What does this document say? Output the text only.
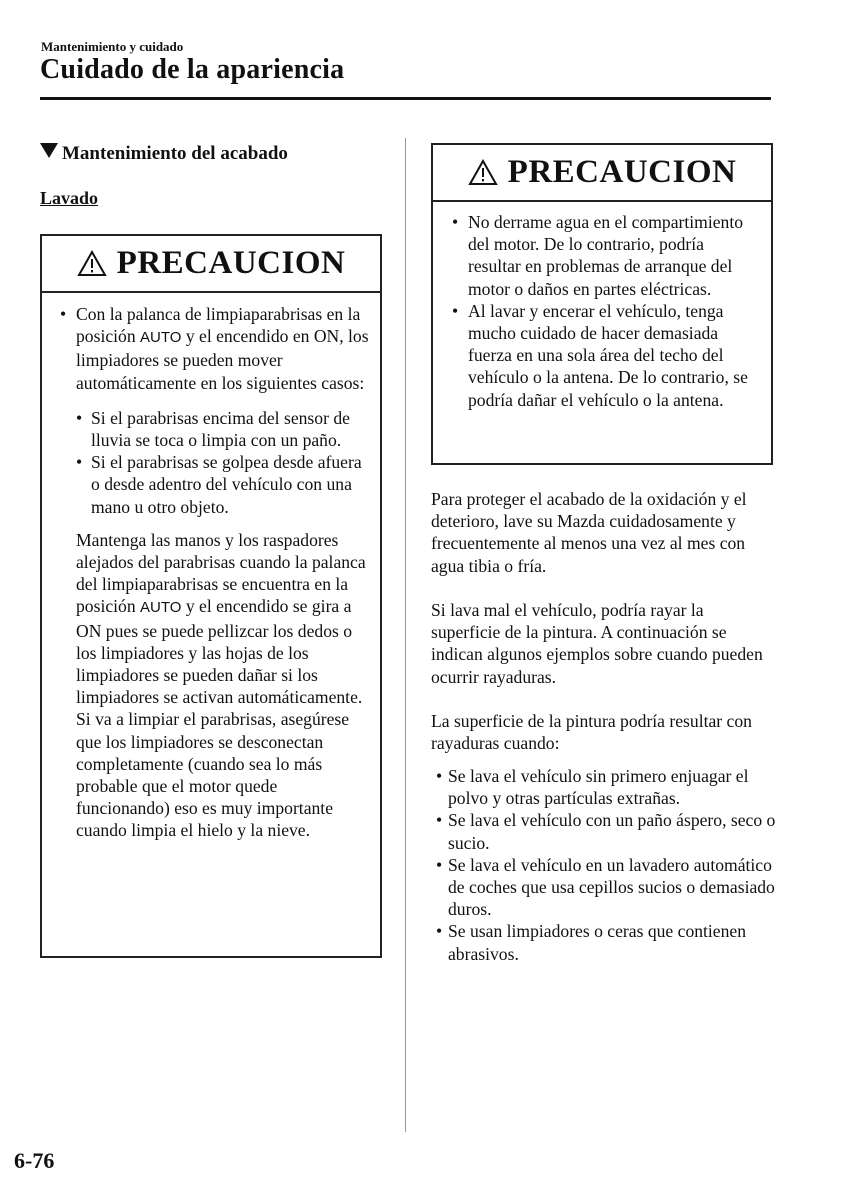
Mantenimiento y cuidado
Cuidado de la apariencia
Mantenimiento del acabado
Lavado
PRECAUCION
• Con la palanca de limpiaparabrisas en la posición AUTO y el encendido en ON, los limpiadores se pueden mover automáticamente en los siguientes casos:
• Si el parabrisas encima del sensor de lluvia se toca o limpia con un paño.
• Si el parabrisas se golpea desde afuera o desde adentro del vehículo con una mano u otro objeto.
Mantenga las manos y los raspadores alejados del parabrisas cuando la palanca del limpiaparabrisas se encuentra en la posición AUTO y el encendido se gira a ON pues se puede pellizcar los dedos o los limpiadores y las hojas de los limpiadores se pueden dañar si los limpiadores se activan automáticamente.
Si va a limpiar el parabrisas, asegúrese que los limpiadores se desconectan completamente (cuando sea lo más probable que el motor quede funcionando) eso es muy importante cuando limpia el hielo y la nieve.
PRECAUCION
• No derrame agua en el compartimiento del motor. De lo contrario, podría resultar en problemas de arranque del motor o daños en partes eléctricas.
• Al lavar y encerar el vehículo, tenga mucho cuidado de hacer demasiada fuerza en una sola área del techo del vehículo o la antena. De lo contrario, se podría dañar el vehículo o la antena.
Para proteger el acabado de la oxidación y el deterioro, lave su Mazda cuidadosamente y frecuentemente al menos una vez al mes con agua tibia o fría.
Si lava mal el vehículo, podría rayar la superficie de la pintura. A continuación se indican algunos ejemplos sobre cuando pueden ocurrir rayaduras.
La superficie de la pintura podría resultar con rayaduras cuando:
• Se lava el vehículo sin primero enjuagar el polvo y otras partículas extrañas.
• Se lava el vehículo con un paño áspero, seco o sucio.
• Se lava el vehículo en un lavadero automático de coches que usa cepillos sucios o demasiado duros.
• Se usan limpiadores o ceras que contienen abrasivos.
6-76
